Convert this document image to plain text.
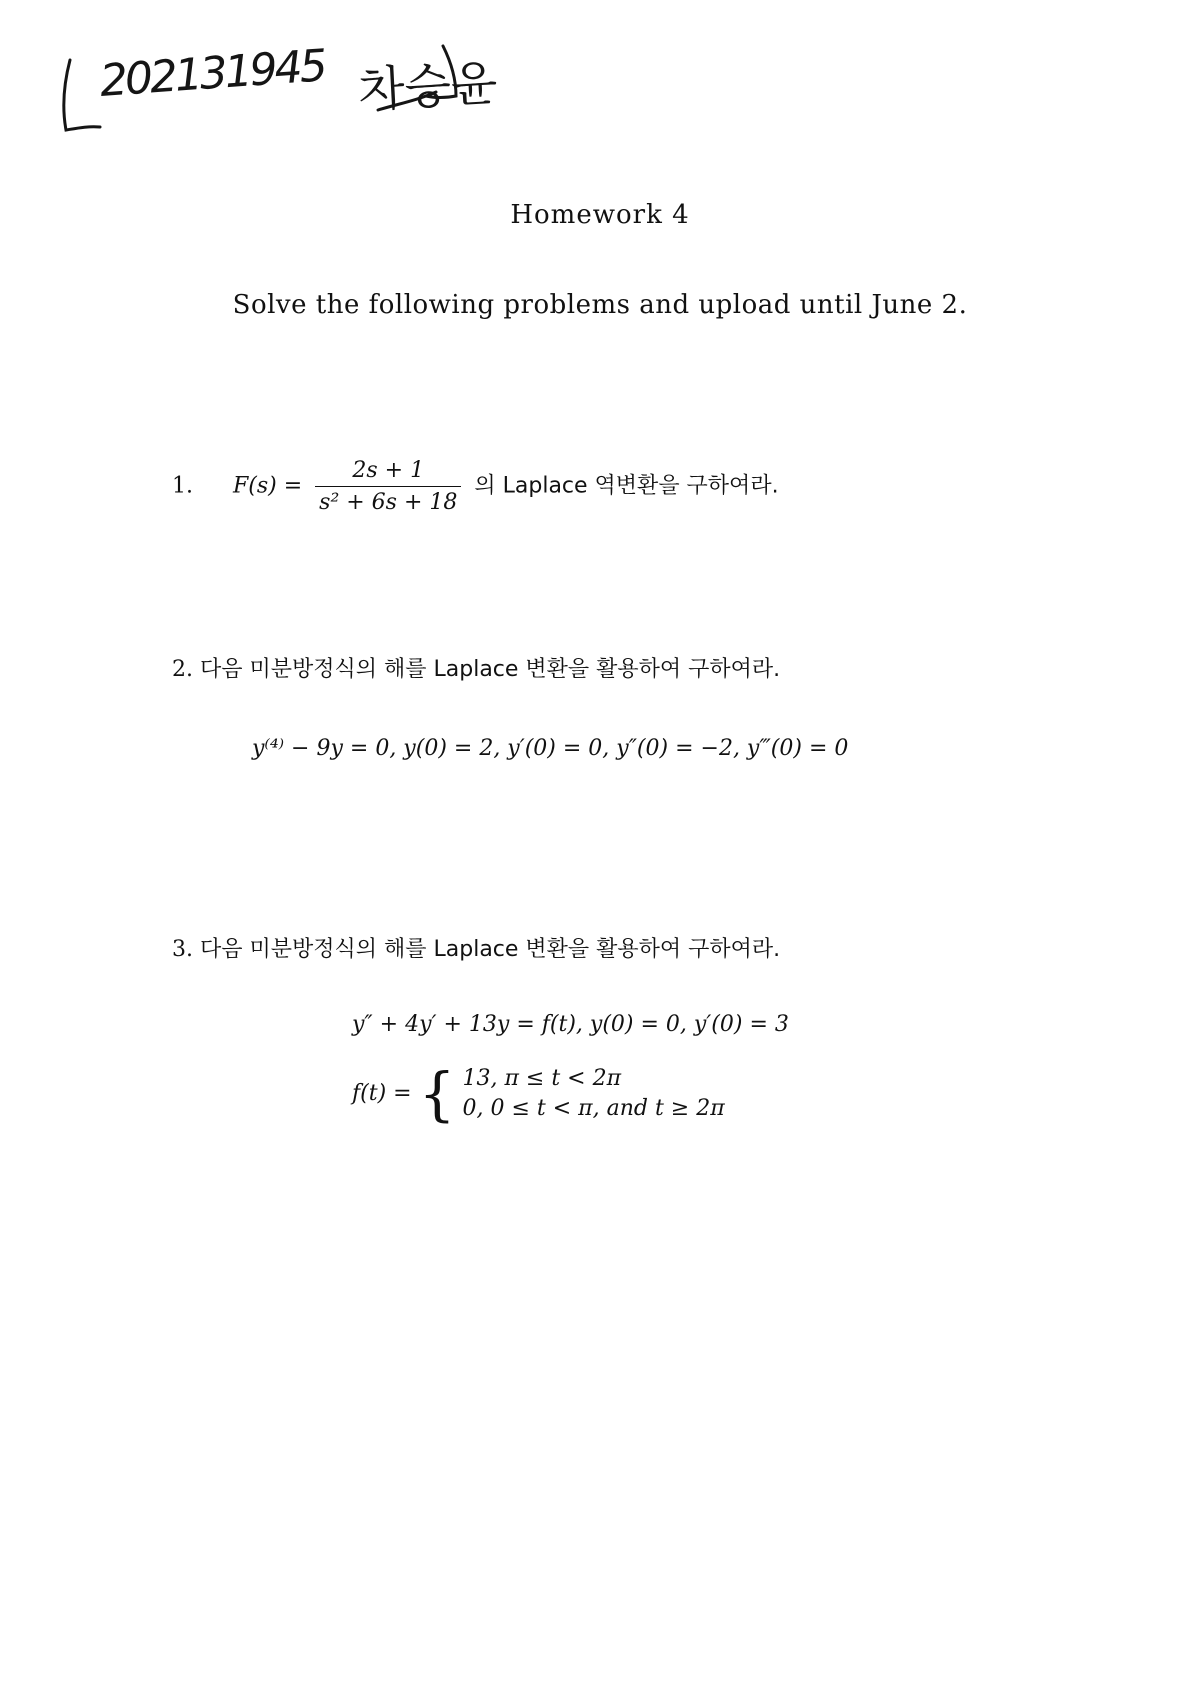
202131945 차승윤
Homework 4
Solve the following problems and upload until June 2.
1. $F(s) = \frac{2s + 1}{\text{s² + 6s + 18}}$ 의 Laplace 역변환을 구하여라.
2. 다음 미분방정식의 해를 Laplace 변환을 활용하여 구하여라.
y⁽⁴⁾ − 9y = 0, y(0) = 2, y′(0) = 0, y″(0) = −2, y‴(0) = 0
3. 다음 미분방정식의 해를 Laplace 변환을 활용하여 구하여라.
y″ + 4y′ + 13y = f(t), y(0) = 0, y′(0) = 3
f(t) = { 13, π ≤ t < 2π
0, 0 ≤ t < π, and t ≥ 2π
